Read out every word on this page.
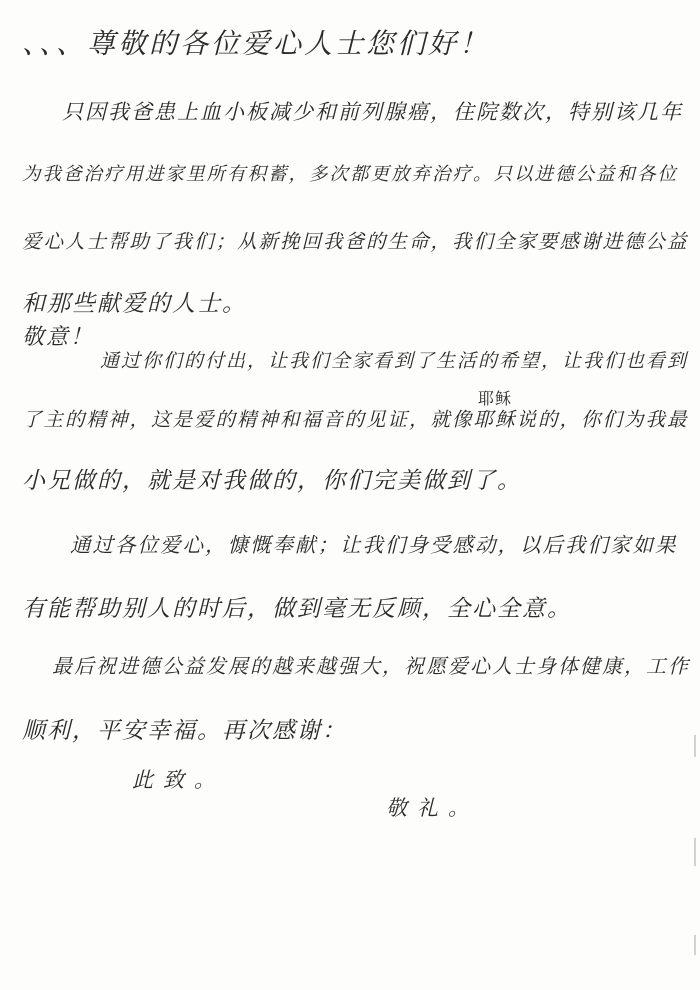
、、、尊敬的各位爱心人士您们好！
只因我爸患上血小板减少和前列腺癌，住院数次，特别该几年
为我爸治疗用进家里所有积蓄，多次都更放弃治疗。只以进德公益和各位
爱心人士帮助了我们；从新挽回我爸的生命，我们全家要感谢进德公益
和那些献爱的人士。
敬意！
通过你们的付出，让我们全家看到了生活的希望，让我们也看到
耶稣
了主的精神，这是爱的精神和福音的见证，就像耶稣说的，你们为我最
小兄做的，就是对我做的，你们完美做到了。
通过各位爱心，慷慨奉献；让我们身受感动，以后我们家如果
有能帮助别人的时后，做到毫无反顾，全心全意。
最后祝进德公益发展的越来越强大，祝愿爱心人士身体健康，工作
顺利，平安幸福。再次感谢：
此致。
敬礼。
